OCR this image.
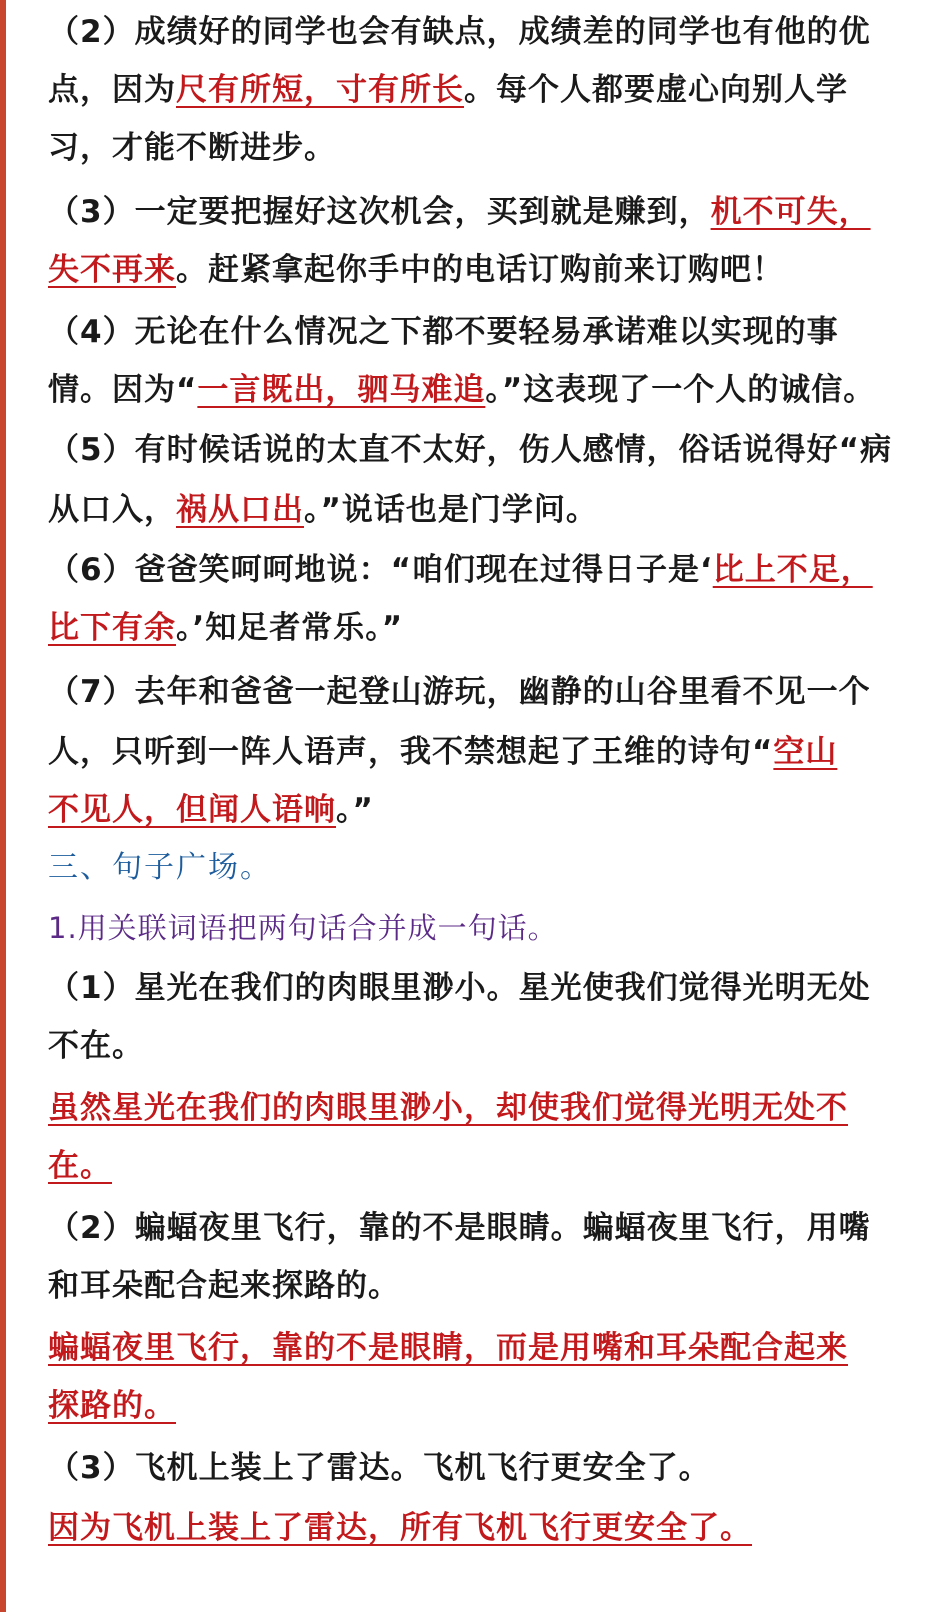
（2）成绩好的同学也会有缺点，成绩差的同学也有他的优
点，因为尺有所短，寸有所长。每个人都要虚心向别人学
习，才能不断进步。
（3）一定要把握好这次机会，买到就是赚到，机不可失，
失不再来。赶紧拿起你手中的电话订购前来订购吧！
（4）无论在什么情况之下都不要轻易承诺难以实现的事
情。因为“一言既出，驷马难追。”这表现了一个人的诚信。
（5）有时候话说的太直不太好，伤人感情，俗话说得好“病
从口入，祸从口出。”说话也是门学问。
（6）爸爸笑呵呵地说：“咱们现在过得日子是‘比上不足，
比下有余。’知足者常乐。”
（7）去年和爸爸一起登山游玩，幽静的山谷里看不见一个
人，只听到一阵人语声，我不禁想起了王维的诗句“空山
不见人，但闻人语响。”
三、句子广场。
1.用关联词语把两句话合并成一句话。
（1）星光在我们的肉眼里渺小。星光使我们觉得光明无处
不在。
虽然星光在我们的肉眼里渺小，却使我们觉得光明无处不
在。
（2）蝙蝠夜里飞行，靠的不是眼睛。蝙蝠夜里飞行，用嘴
和耳朵配合起来探路的。
蝙蝠夜里飞行，靠的不是眼睛，而是用嘴和耳朵配合起来
探路的。
（3）飞机上装上了雷达。飞机飞行更安全了。
因为飞机上装上了雷达，所有飞机飞行更安全了。
